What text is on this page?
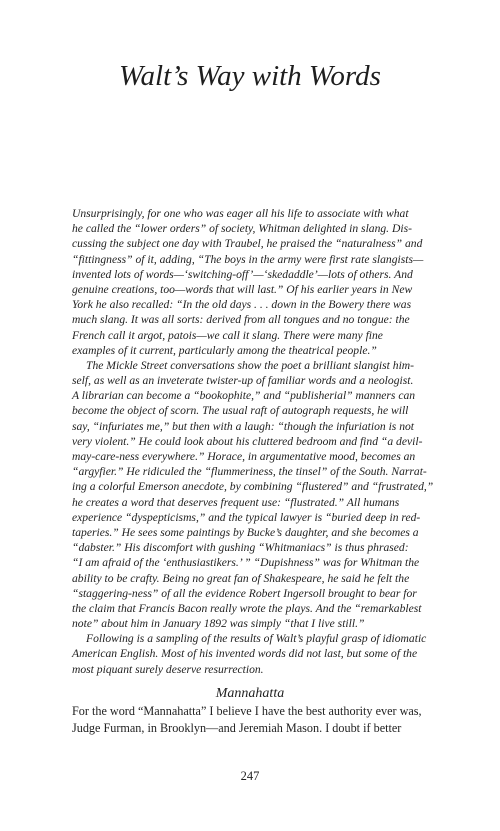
Walt’s Way with Words
Unsurprisingly, for one who was eager all his life to associate with what
he called the “lower orders” of society, Whitman delighted in slang. Dis-
cussing the subject one day with Traubel, he praised the “naturalness” and
“fittingness” of it, adding, “The boys in the army were first rate slangists—
invented lots of words—‘switching-off’—‘skedaddle’—lots of others. And
genuine creations, too—words that will last.” Of his earlier years in New
York he also recalled: “In the old days . . . down in the Bowery there was
much slang. It was all sorts: derived from all tongues and no tongue: the
French call it argot, patois—we call it slang. There were many fine
examples of it current, particularly among the theatrical people.”
The Mickle Street conversations show the poet a brilliant slangist him-
self, as well as an inveterate twister-up of familiar words and a neologist.
A librarian can become a “bookophite,” and “publisherial” manners can
become the object of scorn. The usual raft of autograph requests, he will
say, “infuriates me,” but then with a laugh: “though the infuriation is not
very violent.” He could look about his cluttered bedroom and find “a devil-
may-care-ness everywhere.” Horace, in argumentative mood, becomes an
“argyfier.” He ridiculed the “flummeriness, the tinsel” of the South. Narrat-
ing a colorful Emerson anecdote, by combining “flustered” and “frustrated,”
he creates a word that deserves frequent use: “flustrated.” All humans
experience “dyspepticisms,” and the typical lawyer is “buried deep in red-
taperies.” He sees some paintings by Bucke’s daughter, and she becomes a
“dabster.” His discomfort with gushing “Whitmaniacs” is thus phrased:
“I am afraid of the ‘enthusiastikers.’ ” “Dupishness” was for Whitman the
ability to be crafty. Being no great fan of Shakespeare, he said he felt the
“staggering-ness” of all the evidence Robert Ingersoll brought to bear for
the claim that Francis Bacon really wrote the plays. And the “remarkablest
note” about him in January 1892 was simply “that I live still.”
Following is a sampling of the results of Walt’s playful grasp of idiomatic
American English. Most of his invented words did not last, but some of the
most piquant surely deserve resurrection.
Mannahatta
For the word “Mannahatta” I believe I have the best authority ever was,
Judge Furman, in Brooklyn—and Jeremiah Mason. I doubt if better
247
